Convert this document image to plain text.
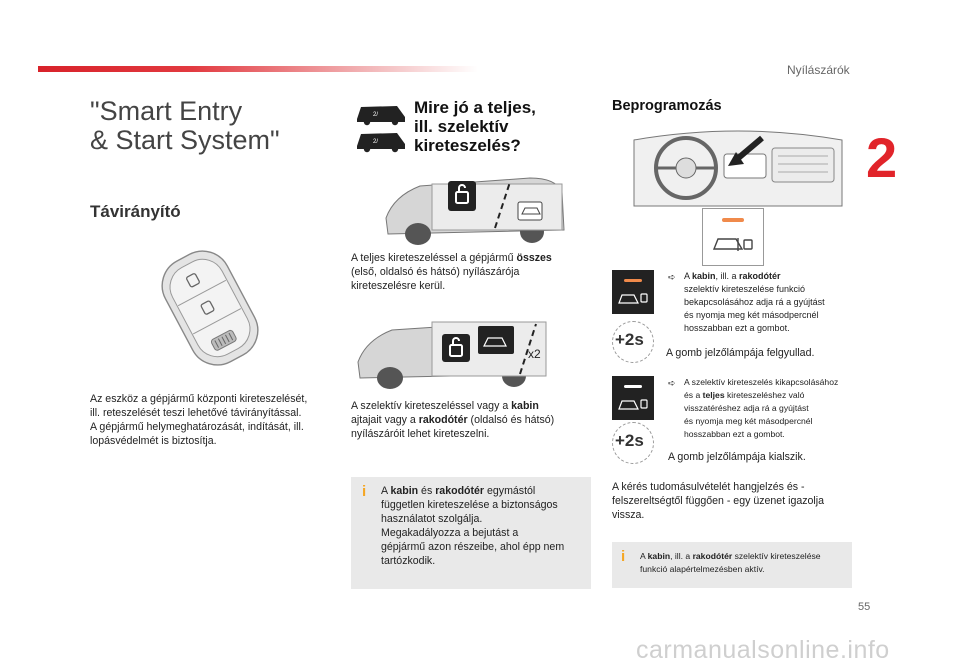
Nyílászárók
2
"Smart Entry
& Start System"
Távirányító
Az eszköz a gépjármű központi kireteszelését,
ill. reteszelését teszi lehetővé távirányítással.
A gépjármű helymeghatározását, indítását, ill.
lopásvédelmét is biztosítja.
2/
2/
Mire jó a teljes,
ill. szelektív
kireteszelés?
A teljes kireteszeléssel a gépjármű összes
(első, oldalsó és hátsó) nyílászárója
kireteszelésre kerül.
x2
A szelektív kireteszeléssel vagy a kabin
ajtajait vagy a rakodótér (oldalsó és hátsó)
nyílászáróit lehet kireteszelni.
i A kabin és rakodótér egymástól
független kireteszelése a biztonságos
használatot szolgálja.
Megakadályozza a bejutást a
gépjármű azon részeibe, ahol épp nem
tartózkodik.
Beprogramozás
+2s
➪ A kabin, ill. a rakodótér
szelektív kireteszelése funkció
bekapcsolásához adja rá a gyújtást
és nyomja meg két másodpercnél
hosszabban ezt a gombot.
A gomb jelzőlámpája felgyullad.
+2s
➪ A szelektív kireteszelés kikapcsolásához
és a teljes kireteszeléshez való
visszatéréshez adja rá a gyújtást
és nyomja meg két másodpercnél
hosszabban ezt a gombot.
A gomb jelzőlámpája kialszik.
A kérés tudomásulvételét hangjelzés és -
felszereltségtől függően - egy üzenet igazolja
vissza.
i	A kabin, ill. a rakodótér szelektív kireteszelése
funkció alapértelmezésben aktív.
55
carmanualsonline.info
